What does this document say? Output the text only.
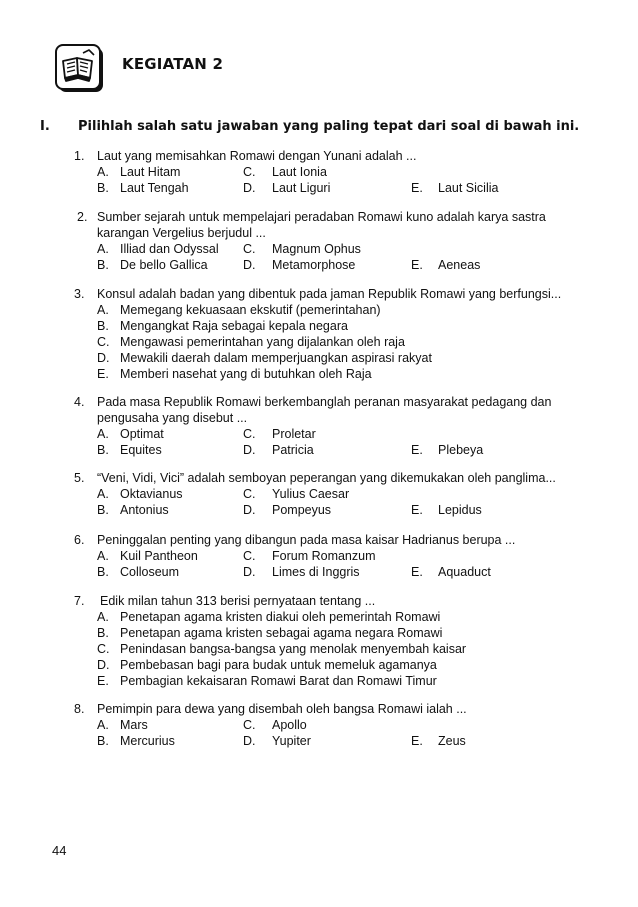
KEGIATAN 2
I. Pilihlah salah satu jawaban yang paling tepat dari soal di bawah ini.
1. Laut yang memisahkan Romawi dengan Yunani adalah ...
A. Laut Hitam	C. Laut Ionia
B. Laut Tengah	D. Laut Liguri	E. Laut Sicilia
2. Sumber sejarah untuk mempelajari peradaban Romawi kuno adalah karya sastra
karangan Vergelius berjudul ...
A. Illiad dan Odyssal C. Magnum Ophus
B. De bello Gallica	D. Metamorphose	E. Aeneas
3. Konsul adalah badan yang dibentuk pada jaman Republik Romawi yang berfungsi...
A. Memegang kekuasaan ekskutif (pemerintahan)
B. Mengangkat Raja sebagai kepala negara
C. Mengawasi pemerintahan yang dijalankan oleh raja
D. Mewakili daerah dalam memperjuangkan aspirasi rakyat
E. Memberi nasehat yang di butuhkan oleh Raja
4. Pada masa Republik Romawi berkembanglah peranan masyarakat pedagang dan
pengusaha yang disebut ...
A. Optimat	C. Proletar
B. Equites	D. Patricia	E. Plebeya
5. “Veni, Vidi, Vici” adalah semboyan peperangan yang dikemukakan oleh panglima...
A. Oktavianus	C. Yulius Caesar
B. Antonius	D. Pompeyus	E. Lepidus
6. Peninggalan penting yang dibangun pada masa kaisar Hadrianus berupa ...
A. Kuil Pantheon	C. Forum Romanzum
B. Colloseum	D. Limes di Inggris	E. Aquaduct
7. Edik milan tahun 313 berisi pernyataan tentang ...
A. Penetapan agama kristen diakui oleh pemerintah Romawi
B. Penetapan agama kristen sebagai agama negara Romawi
C. Penindasan bangsa-bangsa yang menolak menyembah kaisar
D. Pembebasan bagi para budak untuk memeluk agamanya
E. Pembagian kekaisaran Romawi Barat dan Romawi Timur
8. Pemimpin para dewa yang disembah oleh bangsa Romawi ialah ...
A. Mars	C. Apollo
B. Mercurius	D. Yupiter	E. Zeus
44
